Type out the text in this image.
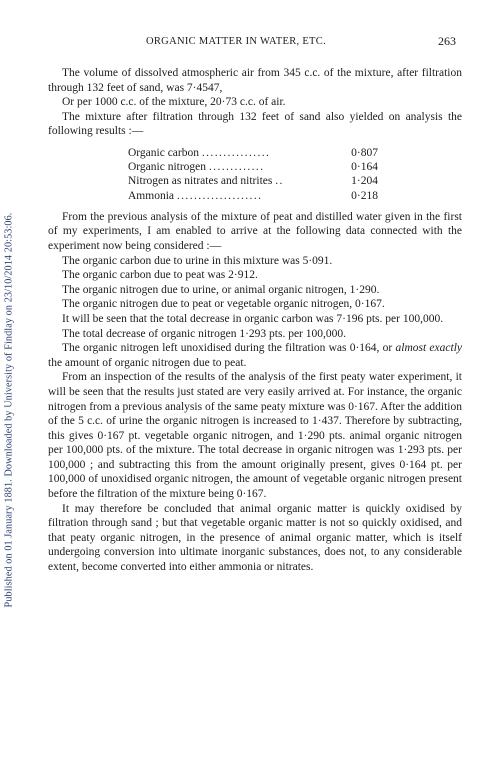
Published on 01 January 1881. Downloaded by University of Findlay on 23/10/2014 20:53:06.
ORGANIC MATTER IN WATER, ETC.	263

The volume of dissolved atmospheric air from 345 c.c. of the mixture, after filtration through 132 feet of sand, was 7·4547,

Or per 1000 c.c. of the mixture, 20·73 c.c. of air.

The mixture after filtration through 132 feet of sand also yielded on analysis the following results :—

Organic carbon ................	0·807
Organic nitrogen .............	0·164
Nitrogen as nitrates and nitrites ..	1·204
Ammonia ....................	0·218

From the previous analysis of the mixture of peat and distilled water given in the first of my experiments, I am enabled to arrive at the following data connected with the experiment now being considered :—

The organic carbon due to urine in this mixture was 5·091.

The organic carbon due to peat was 2·912.

The organic nitrogen due to urine, or animal organic nitrogen, 1·290.

The organic nitrogen due to peat or vegetable organic nitrogen, 0·167.

It will be seen that the total decrease in organic carbon was 7·196 pts. per 100,000.

The total decrease of organic nitrogen 1·293 pts. per 100,000.

The organic nitrogen left unoxidised during the filtration was 0·164, or almost exactly the amount of organic nitrogen due to peat.

From an inspection of the results of the analysis of the first peaty water experiment, it will be seen that the results just stated are very easily arrived at. For instance, the organic nitrogen from a previous analysis of the same peaty mixture was 0·167. After the addition of the 5 c.c. of urine the organic nitrogen is increased to 1·437. Therefore by subtracting, this gives 0·167 pt. vegetable organic nitrogen, and 1·290 pts. animal organic nitrogen per 100,000 pts. of the mixture. The total decrease in organic nitrogen was 1·293 pts. per 100,000 ; and subtracting this from the amount originally present, gives 0·164 pt. per 100,000 of unoxidised organic nitrogen, the amount of vegetable organic nitrogen present before the filtration of the mixture being 0·167.

It may therefore be concluded that animal organic matter is quickly oxidised by filtration through sand ; but that vegetable organic matter is not so quickly oxidised, and that peaty organic nitrogen, in the presence of animal organic matter, which is itself undergoing conversion into ultimate inorganic substances, does not, to any considerable extent, become converted into either ammonia or nitrates.
